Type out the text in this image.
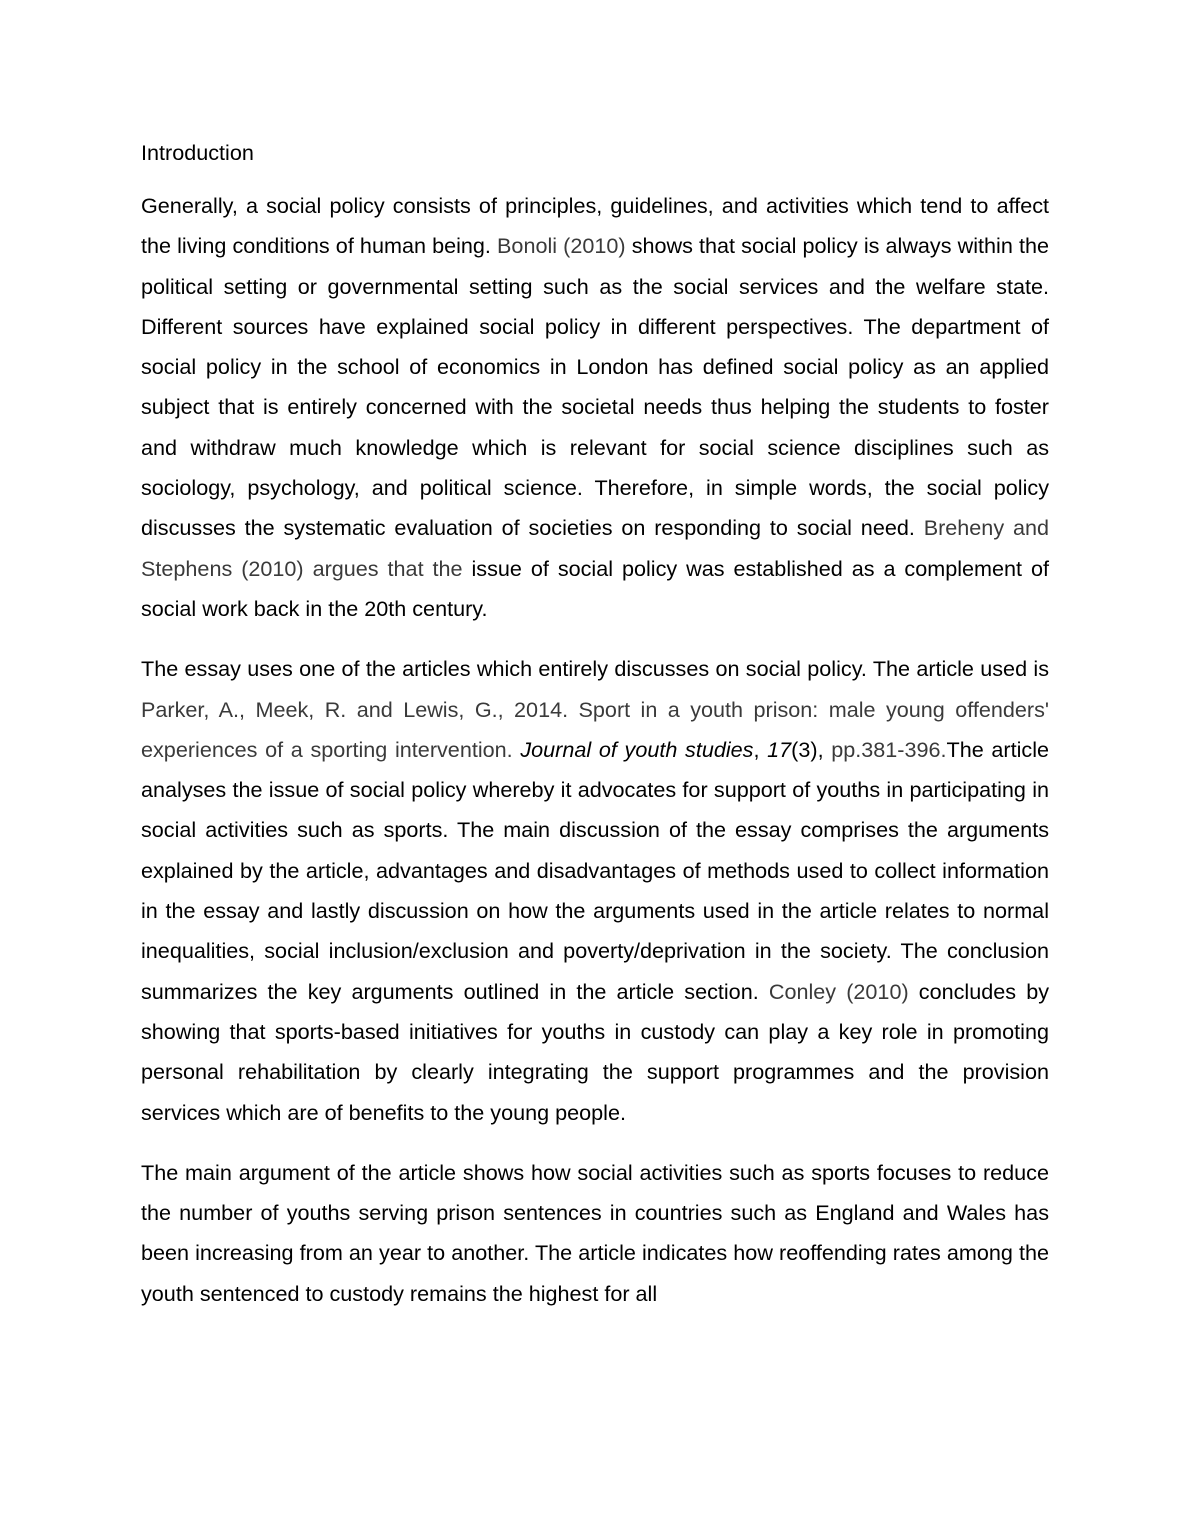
Introduction

Generally, a social policy consists of principles, guidelines, and activities which tend to affect the living conditions of human being. Bonoli (2010) shows that social policy is always within the political setting or governmental setting such as the social services and the welfare state. Different sources have explained social policy in different perspectives. The department of social policy in the school of economics in London has defined social policy as an applied subject that is entirely concerned with the societal needs thus helping the students to foster and withdraw much knowledge which is relevant for social science disciplines such as sociology, psychology, and political science. Therefore, in simple words, the social policy discusses the systematic evaluation of societies on responding to social need. Breheny and Stephens (2010) argues that the issue of social policy was established as a complement of social work back in the 20th century.

The essay uses one of the articles which entirely discusses on social policy. The article used is Parker, A., Meek, R. and Lewis, G., 2014. Sport in a youth prison: male young offenders' experiences of a sporting intervention. Journal of youth studies, 17(3), pp.381-396.The article analyses the issue of social policy whereby it advocates for support of youths in participating in social activities such as sports. The main discussion of the essay comprises the arguments explained by the article, advantages and disadvantages of methods used to collect information in the essay and lastly discussion on how the arguments used in the article relates to normal inequalities, social inclusion/exclusion and poverty/deprivation in the society. The conclusion summarizes the key arguments outlined in the article section. Conley (2010) concludes by showing that sports-based initiatives for youths in custody can play a key role in promoting personal rehabilitation by clearly integrating the support programmes and the provision services which are of benefits to the young people.

The main argument of the article shows how social activities such as sports focuses to reduce the number of youths serving prison sentences in countries such as England and Wales has been increasing from an year to another. The article indicates how reoffending rates among the youth sentenced to custody remains the highest for all
